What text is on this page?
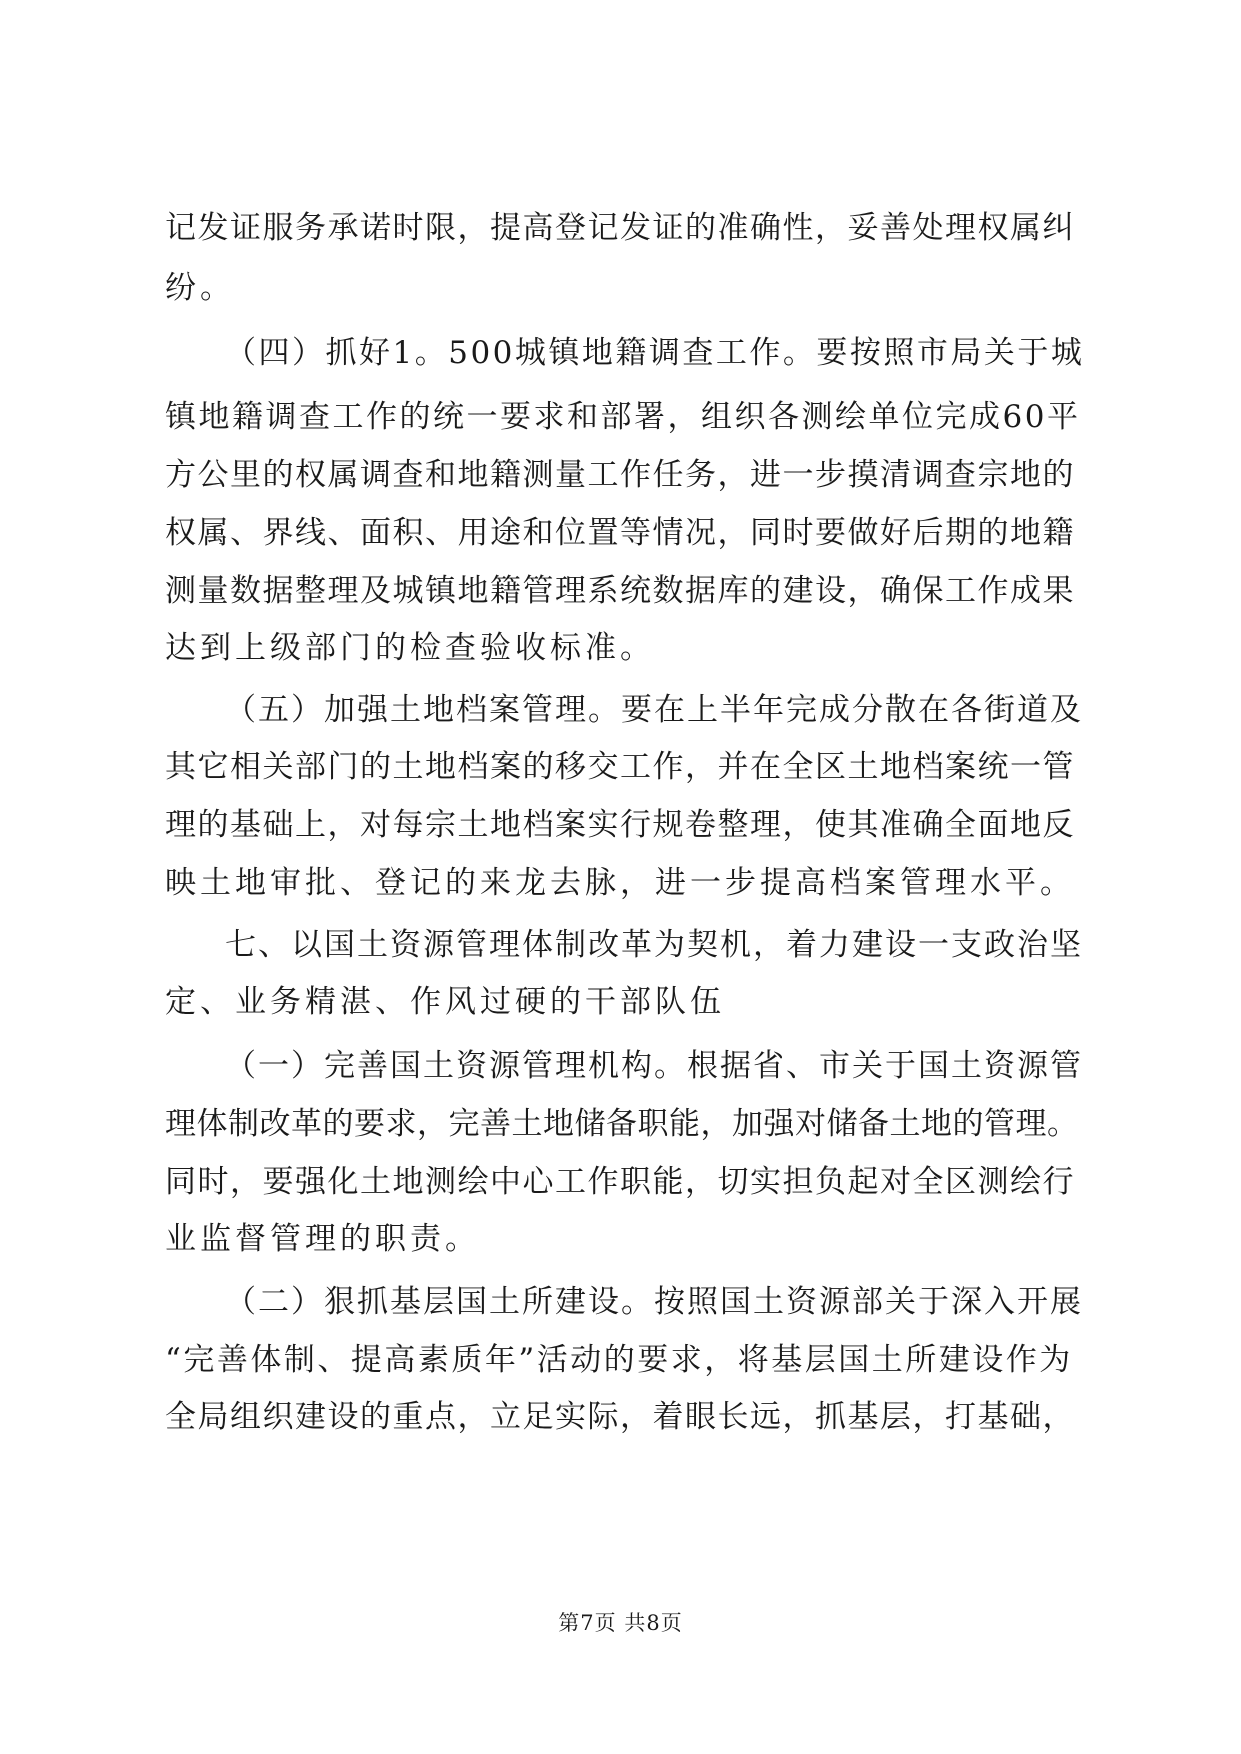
记发证服务承诺时限，提高登记发证的准确性，妥善处理权属纠
纷。
（四）抓好1。500城镇地籍调查工作。要按照市局关于城
镇地籍调查工作的统一要求和部署，组织各测绘单位完成60平
方公里的权属调查和地籍测量工作任务，进一步摸清调查宗地的
权属、界线、面积、用途和位置等情况，同时要做好后期的地籍
测量数据整理及城镇地籍管理系统数据库的建设，确保工作成果
达到上级部门的检查验收标准。
（五）加强土地档案管理。要在上半年完成分散在各街道及
其它相关部门的土地档案的移交工作，并在全区土地档案统一管
理的基础上，对每宗土地档案实行规卷整理，使其准确全面地反
映土地审批、登记的来龙去脉，进一步提高档案管理水平。
七、以国土资源管理体制改革为契机，着力建设一支政治坚
定、业务精湛、作风过硬的干部队伍
（一）完善国土资源管理机构。根据省、市关于国土资源管
理体制改革的要求，完善土地储备职能，加强对储备土地的管理。
同时，要强化土地测绘中心工作职能，切实担负起对全区测绘行
业监督管理的职责。
（二）狠抓基层国土所建设。按照国土资源部关于深入开展
“完善体制、提高素质年”活动的要求，将基层国土所建设作为
全局组织建设的重点，立足实际，着眼长远，抓基层，打基础，
第7页 共8页
